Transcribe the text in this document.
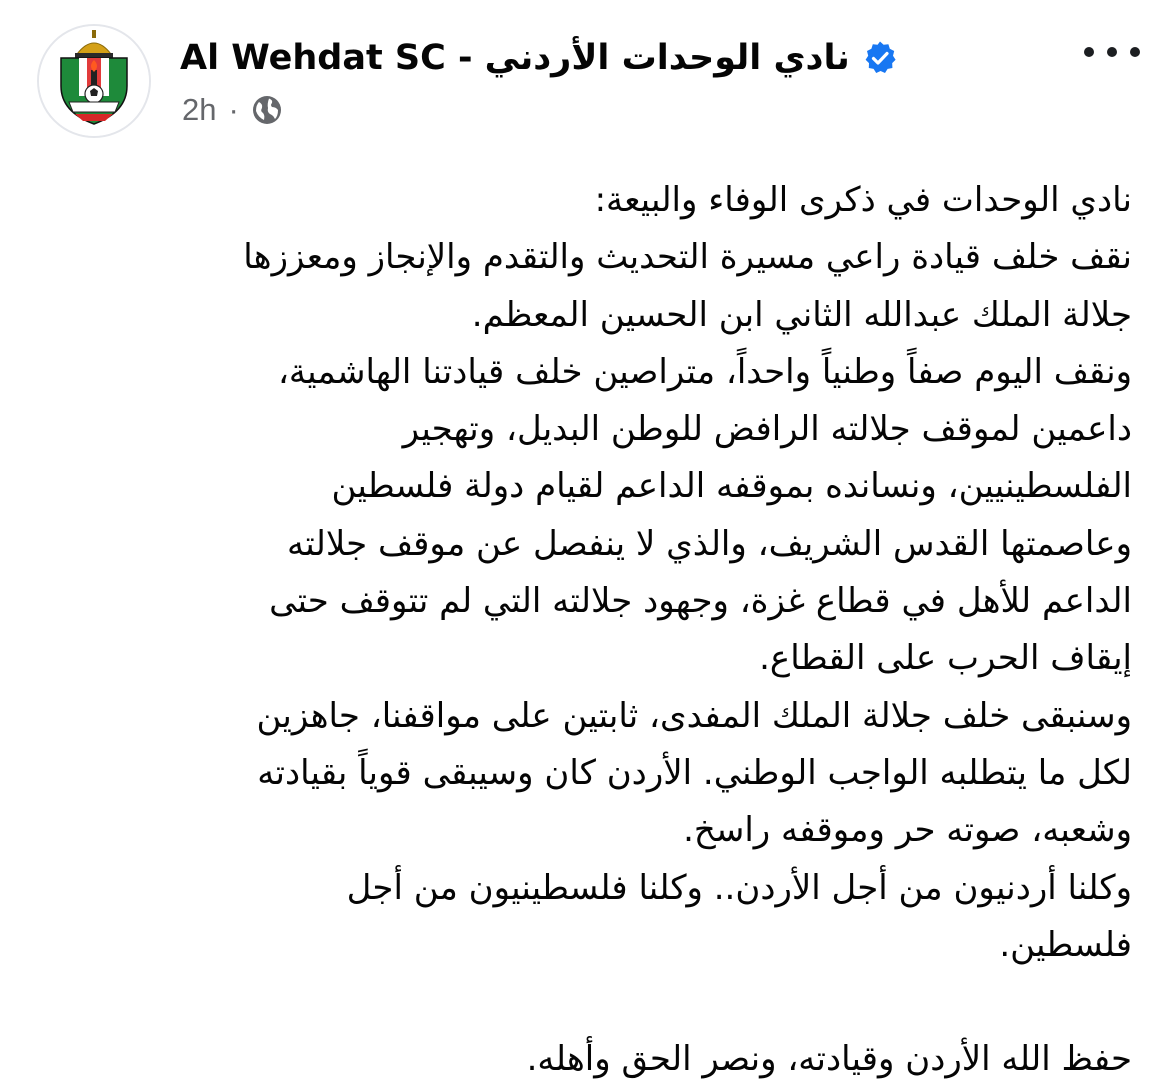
Al Wehdat SC - نادي الوحدات الأردني
2h ·
نادي الوحدات في ذكرى الوفاء والبيعة:
نقف خلف قيادة راعي مسيرة التحديث والتقدم والإنجاز ومعززها
جلالة الملك عبدالله الثاني ابن الحسين المعظم.
ونقف اليوم صفاً وطنياً واحداً، متراصين خلف قيادتنا الهاشمية،
داعمين لموقف جلالته الرافض للوطن البديل، وتهجير
الفلسطينيين، ونسانده بموقفه الداعم لقيام دولة فلسطين
وعاصمتها القدس الشريف، والذي لا ينفصل عن موقف جلالته
الداعم للأهل في قطاع غزة، وجهود جلالته التي لم تتوقف حتى
إيقاف الحرب على القطاع.
وسنبقى خلف جلالة الملك المفدى، ثابتين على مواقفنا، جاهزين
لكل ما يتطلبه الواجب الوطني. الأردن كان وسيبقى قوياً بقيادته
وشعبه، صوته حر وموقفه راسخ.
وكلنا أردنيون من أجل الأردن.. وكلنا فلسطينيون من أجل
فلسطين.
حفظ الله الأردن وقيادته، ونصر الحق وأهله.
